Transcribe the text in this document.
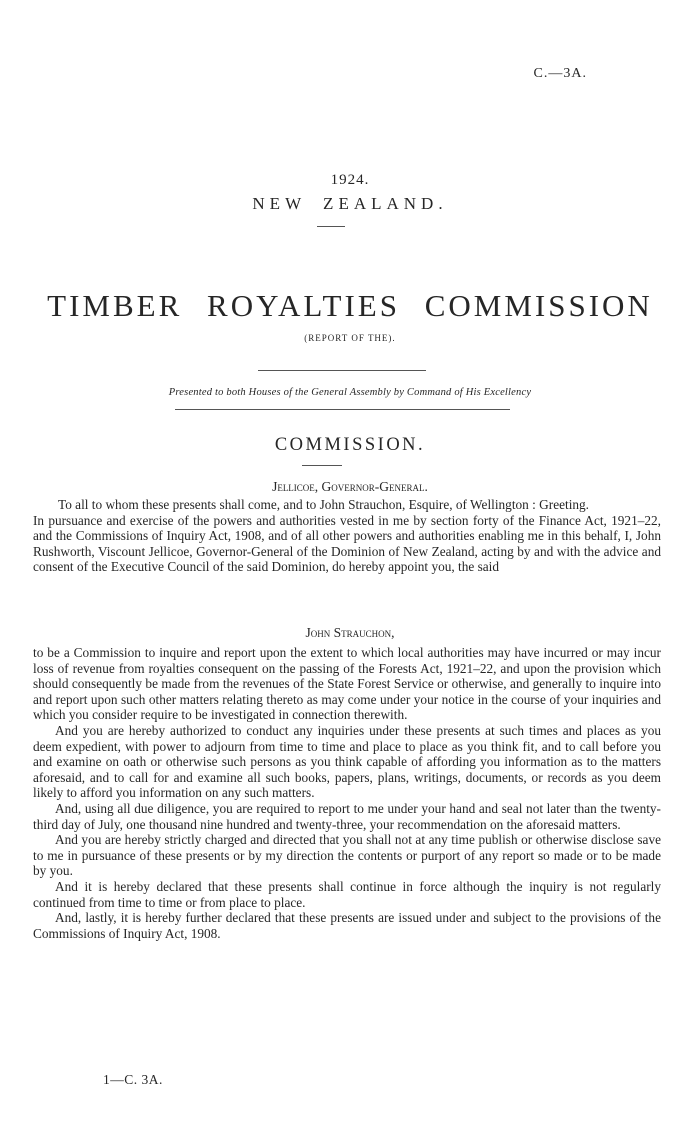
C.—3A.
1924.
NEW ZEALAND.
TIMBER ROYALTIES COMMISSION
(REPORT OF THE).
Presented to both Houses of the General Assembly by Command of His Excellency
COMMISSION.
Jellicoe, Governor-General.

To all to whom these presents shall come, and to John Strauchon, Esquire, of Wellington : Greeting.

In pursuance and exercise of the powers and authorities vested in me by section forty of the Finance Act, 1921–22, and the Commissions of Inquiry Act, 1908, and of all other powers and authorities enabling me in this behalf, I, John Rushworth, Viscount Jellicoe, Governor-General of the Dominion of New Zealand, acting by and with the advice and consent of the Executive Council of the said Dominion, do hereby appoint you, the said

John Strauchon,

to be a Commission to inquire and report upon the extent to which local authorities may have incurred or may incur loss of revenue from royalties consequent on the passing of the Forests Act, 1921–22, and upon the provision which should consequently be made from the revenues of the State Forest Service or otherwise, and generally to inquire into and report upon such other matters relating thereto as may come under your notice in the course of your inquiries and which you consider require to be investigated in connection therewith.

And you are hereby authorized to conduct any inquiries under these presents at such times and places as you deem expedient, with power to adjourn from time to time and place to place as you think fit, and to call before you and examine on oath or otherwise such persons as you think capable of affording you information as to the matters aforesaid, and to call for and examine all such books, papers, plans, writings, documents, or records as you deem likely to afford you information on any such matters.

And, using all due diligence, you are required to report to me under your hand and seal not later than the twenty-third day of July, one thousand nine hundred and twenty-three, your recommendation on the aforesaid matters.

And you are hereby strictly charged and directed that you shall not at any time publish or otherwise disclose save to me in pursuance of these presents or by my direction the contents or purport of any report so made or to be made by you.

And it is hereby declared that these presents shall continue in force although the inquiry is not regularly continued from time to time or from place to place.

And, lastly, it is hereby further declared that these presents are issued under and subject to the provisions of the Commissions of Inquiry Act, 1908.

1—C. 3A.
